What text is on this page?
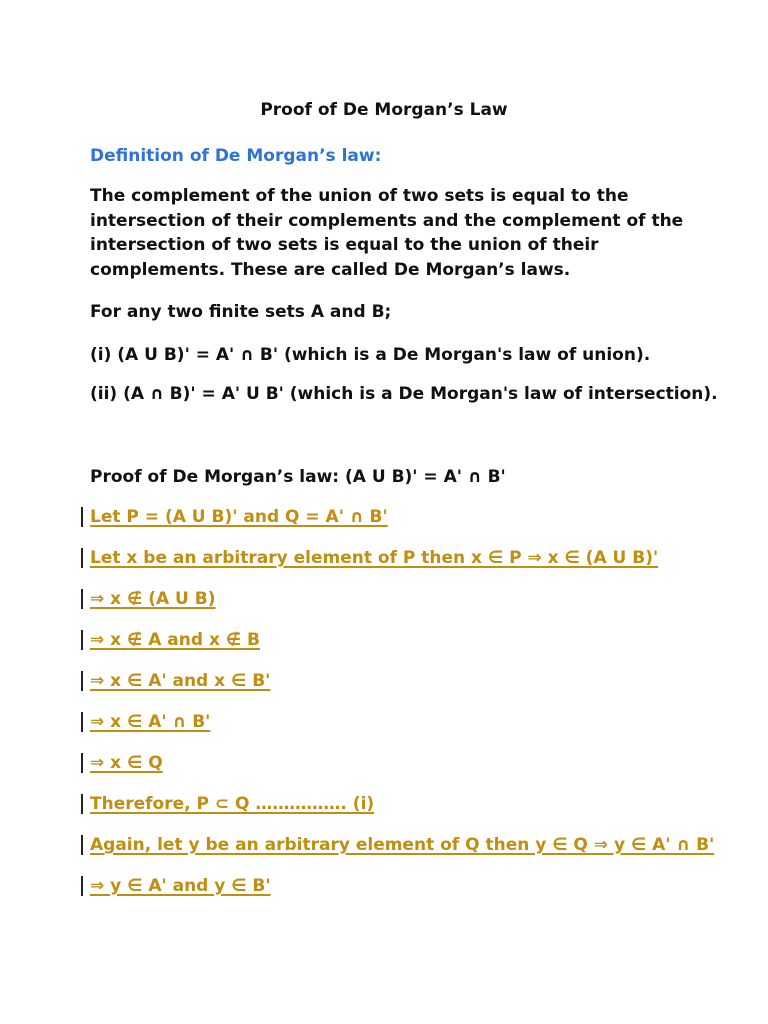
Proof of De Morgan’s Law
Definition of De Morgan’s law:
The complement of the union of two sets is equal to the intersection of their complements and the complement of the intersection of two sets is equal to the union of their complements. These are called De Morgan’s laws.
For any two finite sets A and B;
(i) (A U B)' = A' ∩ B' (which is a De Morgan's law of union).
(ii) (A ∩ B)' = A' U B' (which is a De Morgan's law of intersection).
Proof of De Morgan’s law: (A U B)' = A' ∩ B'
Let P = (A U B)' and Q = A' ∩ B'
Let x be an arbitrary element of P then x ∈ P ⇒ x ∈ (A U B)'
⇒ x ∉ (A U B)
⇒ x ∉ A and x ∉ B
⇒ x ∈ A' and x ∈ B'
⇒ x ∈ A' ∩ B'
⇒ x ∈ Q
Therefore, P ⊂ Q ……………. (i)
Again, let y be an arbitrary element of Q then y ∈ Q ⇒ y ∈ A' ∩ B'
⇒ y ∈ A' and y ∈ B'
